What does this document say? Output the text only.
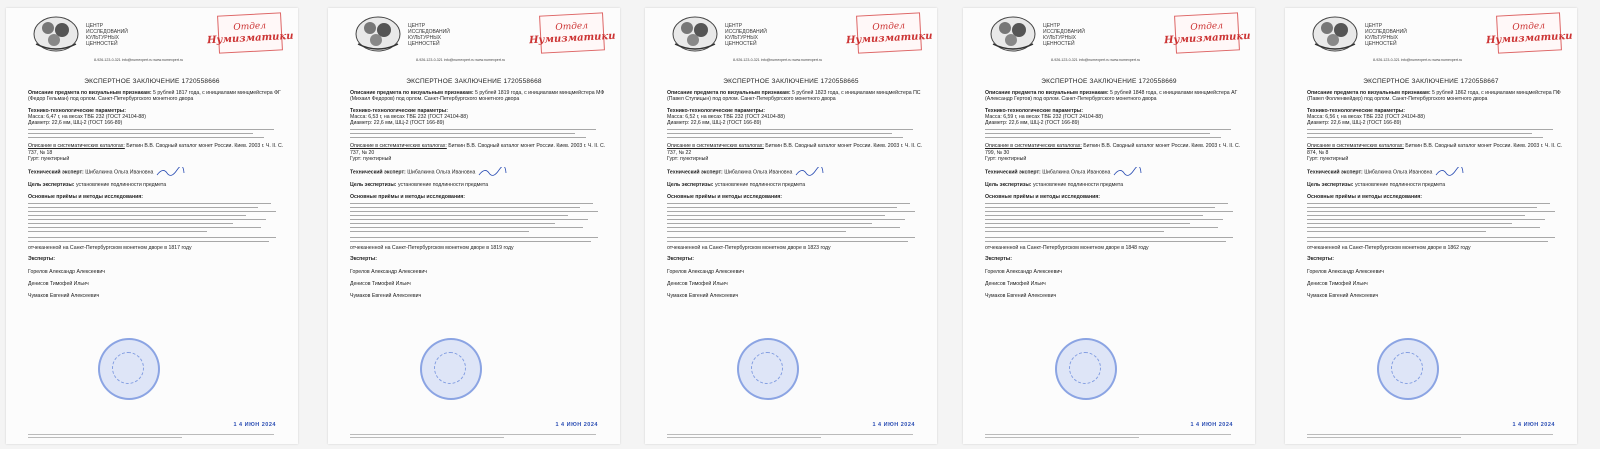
ЦЕНТР
ИССЛЕДОВАНИЙ
КУЛЬТУРНЫХ
ЦЕННОСТЕЙ
8-926-123-0-321 info@numexpert.ru www.numexpert.ru
Отдел
Нумизматики
ЭКСПЕРТНОЕ ЗАКЛЮЧЕНИЕ 1720558666
Описание предмета по визуальным признакам: 5 рублей 1817 года, с инициалами минцмейстера ФГ (Федор Гельман) под орлом. Санкт-Петербургского монетного двора
Технико-технологические параметры:
Масса: 6,47 г, на весах ТВЕ 232 (ГОСТ 24104-88)
Диаметр: 22,6 мм, ШЦ-2 (ГОСТ 166-89)
Описание в систематических каталогах: Биткин В.В. Сводный каталог монет России. Киев. 2003 г. Ч. II. С. 737, № 18
Гурт: пунктирный
Технический эксперт: Шибалкина Ольга Ивановна
Цель экспертизы: установление подлинности предмета
Основные приёмы и методы исследования:
отчеканенной на Санкт-Петербургском монетном дворе в 1817 году
Эксперты:
Горелов Александр Алексеевич
Денисов Тимофей Ильич
Чумаков Евгений Алексеевич
1 4 ИЮН 2024
ЦЕНТР
ИССЛЕДОВАНИЙ
КУЛЬТУРНЫХ
ЦЕННОСТЕЙ
8-926-123-0-321 info@numexpert.ru www.numexpert.ru
Отдел
Нумизматики
ЭКСПЕРТНОЕ ЗАКЛЮЧЕНИЕ 1720558668
Описание предмета по визуальным признакам: 5 рублей 1819 года, с инициалами минцмейстера МФ (Михаил Федоров) под орлом. Санкт-Петербургского монетного двора
Технико-технологические параметры:
Масса: 6,53 г, на весах ТВЕ 232 (ГОСТ 24104-88)
Диаметр: 22,6 мм, ШЦ-2 (ГОСТ 166-89)
Описание в систематических каталогах: Биткин В.В. Сводный каталог монет России. Киев. 2003 г. Ч. II. С. 737, № 20
Гурт: пунктирный
Технический эксперт: Шибалкина Ольга Ивановна
Цель экспертизы: установление подлинности предмета
Основные приёмы и методы исследования:
отчеканенной на Санкт-Петербургском монетном дворе в 1819 году
Эксперты:
Горелов Александр Алексеевич
Денисов Тимофей Ильич
Чумаков Евгений Алексеевич
1 4 ИЮН 2024
ЦЕНТР
ИССЛЕДОВАНИЙ
КУЛЬТУРНЫХ
ЦЕННОСТЕЙ
8-926-123-0-321 info@numexpert.ru www.numexpert.ru
Отдел
Нумизматики
ЭКСПЕРТНОЕ ЗАКЛЮЧЕНИЕ 1720558665
Описание предмета по визуальным признакам: 5 рублей 1823 года, с инициалами минцмейстера ПС (Павел Ступицын) под орлом. Санкт-Петербургского монетного двора
Технико-технологические параметры:
Масса: 6,52 г, на весах ТВЕ 232 (ГОСТ 24104-88)
Диаметр: 22,6 мм, ШЦ-2 (ГОСТ 166-89)
Описание в систематических каталогах: Биткин В.В. Сводный каталог монет России. Киев. 2003 г. Ч. II. С. 737, № 22
Гурт: пунктирный
Технический эксперт: Шибалкина Ольга Ивановна
Цель экспертизы: установление подлинности предмета
Основные приёмы и методы исследования:
отчеканенной на Санкт-Петербургском монетном дворе в 1823 году
Эксперты:
Горелов Александр Алексеевич
Денисов Тимофей Ильич
Чумаков Евгений Алексеевич
1 4 ИЮН 2024
ЦЕНТР
ИССЛЕДОВАНИЙ
КУЛЬТУРНЫХ
ЦЕННОСТЕЙ
8-926-123-0-321 info@numexpert.ru www.numexpert.ru
Отдел
Нумизматики
ЭКСПЕРТНОЕ ЗАКЛЮЧЕНИЕ 1720558669
Описание предмета по визуальным признакам: 5 рублей 1848 года, с инициалами минцмейстера АГ (Александр Гертов) под орлом. Санкт-Петербургского монетного двора
Технико-технологические параметры:
Масса: 6,59 г, на весах ТВЕ 232 (ГОСТ 24104-88)
Диаметр: 22,6 мм, ШЦ-2 (ГОСТ 166-89)
Описание в систематических каталогах: Биткин В.В. Сводный каталог монет России. Киев. 2003 г. Ч. II. С. 799, № 30
Гурт: пунктирный
Технический эксперт: Шибалкина Ольга Ивановна
Цель экспертизы: установление подлинности предмета
Основные приёмы и методы исследования:
отчеканенной на Санкт-Петербургском монетном дворе в 1848 году
Эксперты:
Горелов Александр Алексеевич
Денисов Тимофей Ильич
Чумаков Евгений Алексеевич
1 4 ИЮН 2024
ЦЕНТР
ИССЛЕДОВАНИЙ
КУЛЬТУРНЫХ
ЦЕННОСТЕЙ
8-926-123-0-321 info@numexpert.ru www.numexpert.ru
Отдел
Нумизматики
ЭКСПЕРТНОЕ ЗАКЛЮЧЕНИЕ 1720558667
Описание предмета по визуальным признакам: 5 рублей 1862 года, с инициалами минцмейстера ПФ (Павел Фолленвейдер) под орлом. Санкт-Петербургского монетного двора
Технико-технологические параметры:
Масса: 6,56 г, на весах ТВЕ 232 (ГОСТ 24104-88)
Диаметр: 22,6 мм, ШЦ-2 (ГОСТ 166-89)
Описание в систематических каталогах: Биткин В.В. Сводный каталог монет России. Киев. 2003 г. Ч. II. С. 874, № 8
Гурт: пунктирный
Технический эксперт: Шибалкина Ольга Ивановна
Цель экспертизы: установление подлинности предмета
Основные приёмы и методы исследования:
отчеканенной на Санкт-Петербургском монетном дворе в 1862 году
Эксперты:
Горелов Александр Алексеевич
Денисов Тимофей Ильич
Чумаков Евгений Алексеевич
1 4 ИЮН 2024
